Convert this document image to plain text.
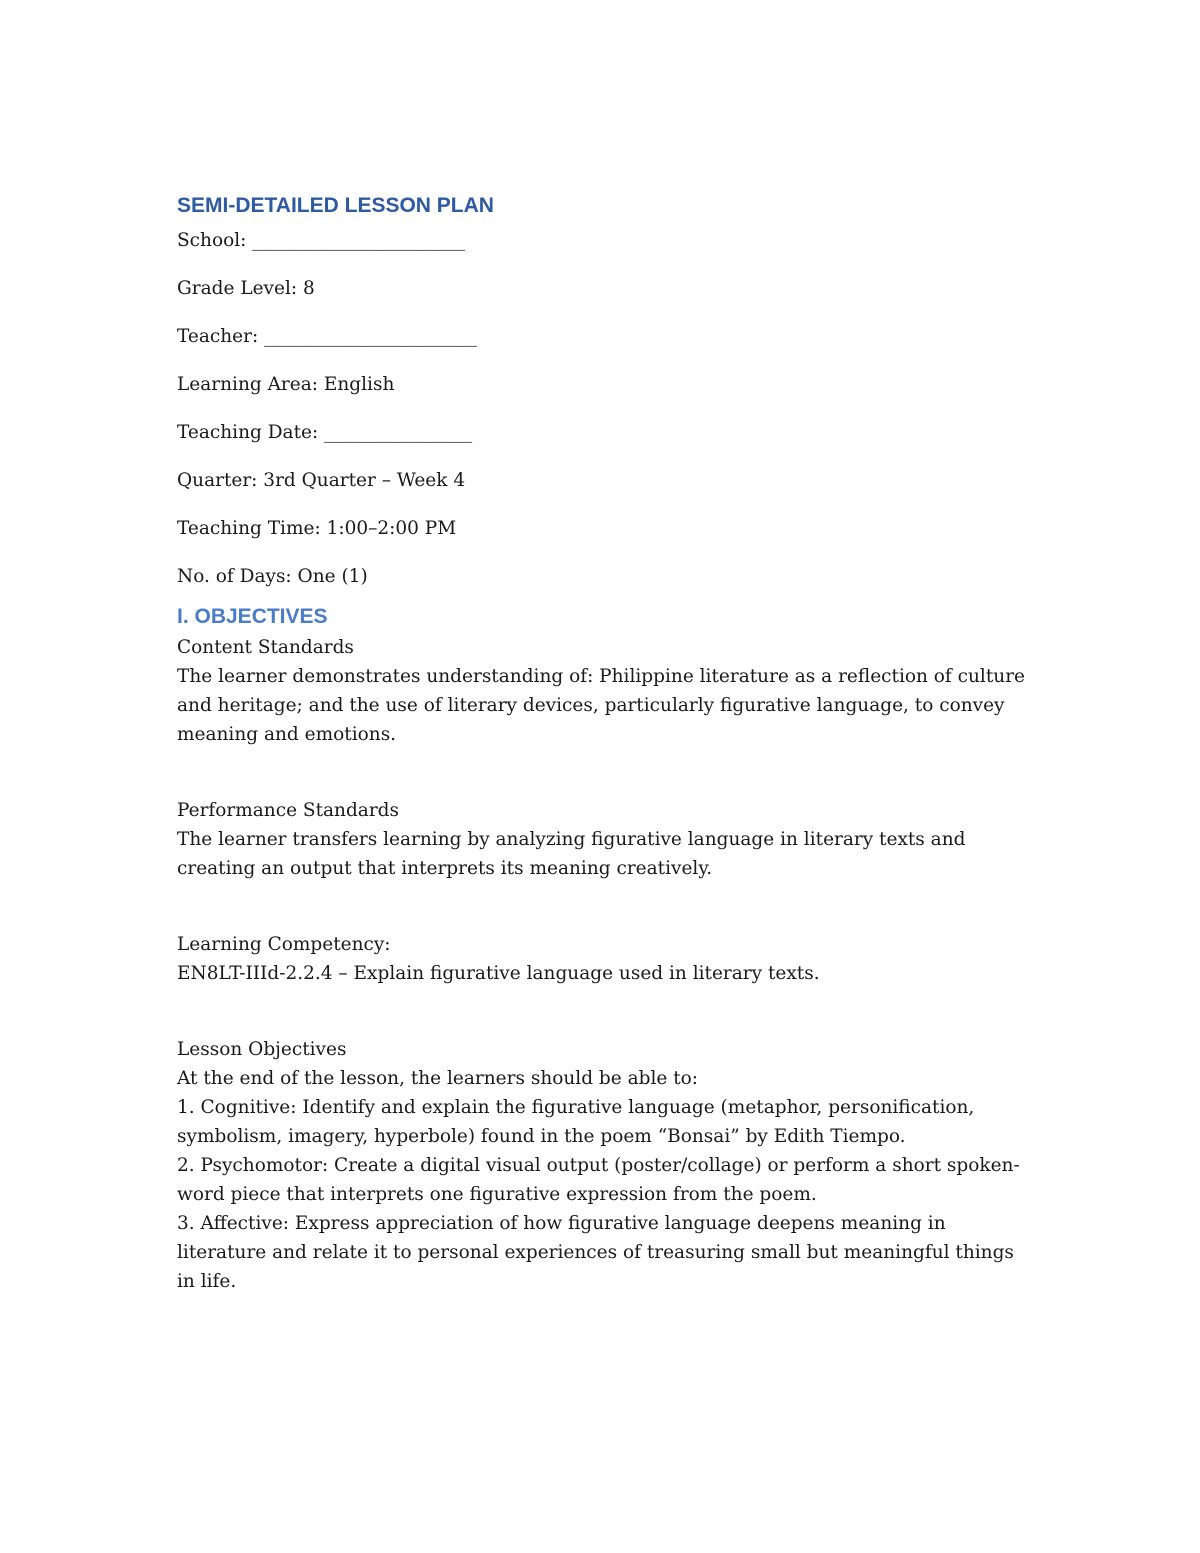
SEMI-DETAILED LESSON PLAN
School: _______________________
Grade Level: 8
Teacher: _______________________
Learning Area: English
Teaching Date: ________________
Quarter: 3rd Quarter – Week 4
Teaching Time: 1:00–2:00 PM
No. of Days: One (1)
I. OBJECTIVES
Content Standards
The learner demonstrates understanding of: Philippine literature as a reflection of culture and heritage; and the use of literary devices, particularly figurative language, to convey meaning and emotions.
Performance Standards
The learner transfers learning by analyzing figurative language in literary texts and creating an output that interprets its meaning creatively.
Learning Competency:
EN8LT-IIId-2.2.4 – Explain figurative language used in literary texts.
Lesson Objectives
At the end of the lesson, the learners should be able to:
1. Cognitive: Identify and explain the figurative language (metaphor, personification, symbolism, imagery, hyperbole) found in the poem “Bonsai” by Edith Tiempo.
2. Psychomotor: Create a digital visual output (poster/collage) or perform a short spoken-word piece that interprets one figurative expression from the poem.
3. Affective: Express appreciation of how figurative language deepens meaning in literature and relate it to personal experiences of treasuring small but meaningful things in life.
